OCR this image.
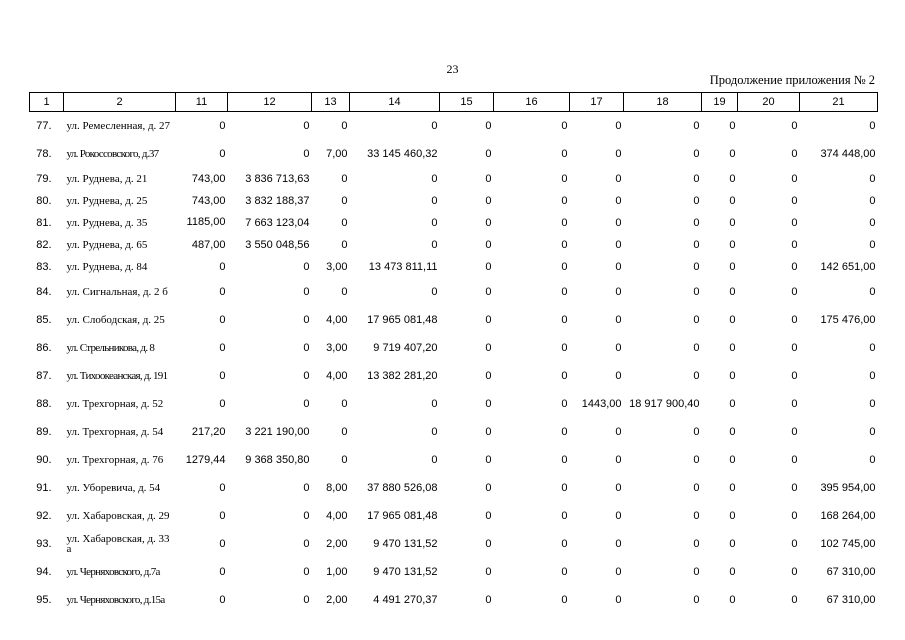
23
Продолжение приложения № 2
1	2	11	12	13	14	15	16	17	18	19	20	21
77.	ул. Ремесленная, д. 27	0	0	0	0	0	0	0	0	0	0	0
78.	ул. Рокоссовского, д.37	0	0	7,00	33 145 460,32	0	0	0	0	0	0	374 448,00
79.	ул. Руднева, д. 21	743,00	3 836 713,63	0	0	0	0	0	0	0	0	0
80.	ул. Руднева, д. 25	743,00	3 832 188,37	0	0	0	0	0	0	0	0	0
81.	ул. Руднева, д. 35	1185,00	7 663 123,04	0	0	0	0	0	0	0	0	0
82.	ул. Руднева, д. 65	487,00	3 550 048,56	0	0	0	0	0	0	0	0	0
83.	ул. Руднева, д. 84	0	0	3,00	13 473 811,11	0	0	0	0	0	0	142 651,00
84.	ул. Сигнальная, д. 2 б	0	0	0	0	0	0	0	0	0	0	0
85.	ул. Слободская, д. 25	0	0	4,00	17 965 081,48	0	0	0	0	0	0	175 476,00
86.	ул. Стрельникова, д. 8	0	0	3,00	9 719 407,20	0	0	0	0	0	0	0
87.	ул. Тихоокеанская, д. 191	0	0	4,00	13 382 281,20	0	0	0	0	0	0	0
88.	ул. Трехгорная, д. 52	0	0	0	0	0	0	1443,00	18 917 900,40	0	0	0
89.	ул. Трехгорная, д. 54	217,20	3 221 190,00	0	0	0	0	0	0	0	0	0
90.	ул. Трехгорная, д. 76	1279,44	9 368 350,80	0	0	0	0	0	0	0	0	0
91.	ул. Уборевича, д. 54	0	0	8,00	37 880 526,08	0	0	0	0	0	0	395 954,00
92.	ул. Хабаровская, д. 29	0	0	4,00	17 965 081,48	0	0	0	0	0	0	168 264,00
93.	ул. Хабаровская, д. 33 а	0	0	2,00	9 470 131,52	0	0	0	0	0	0	102 745,00
94.	ул. Черняховского, д.7а	0	0	1,00	9 470 131,52	0	0	0	0	0	0	67 310,00
95.	ул. Черняховского, д.15а	0	0	2,00	4 491 270,37	0	0	0	0	0	0	67 310,00
